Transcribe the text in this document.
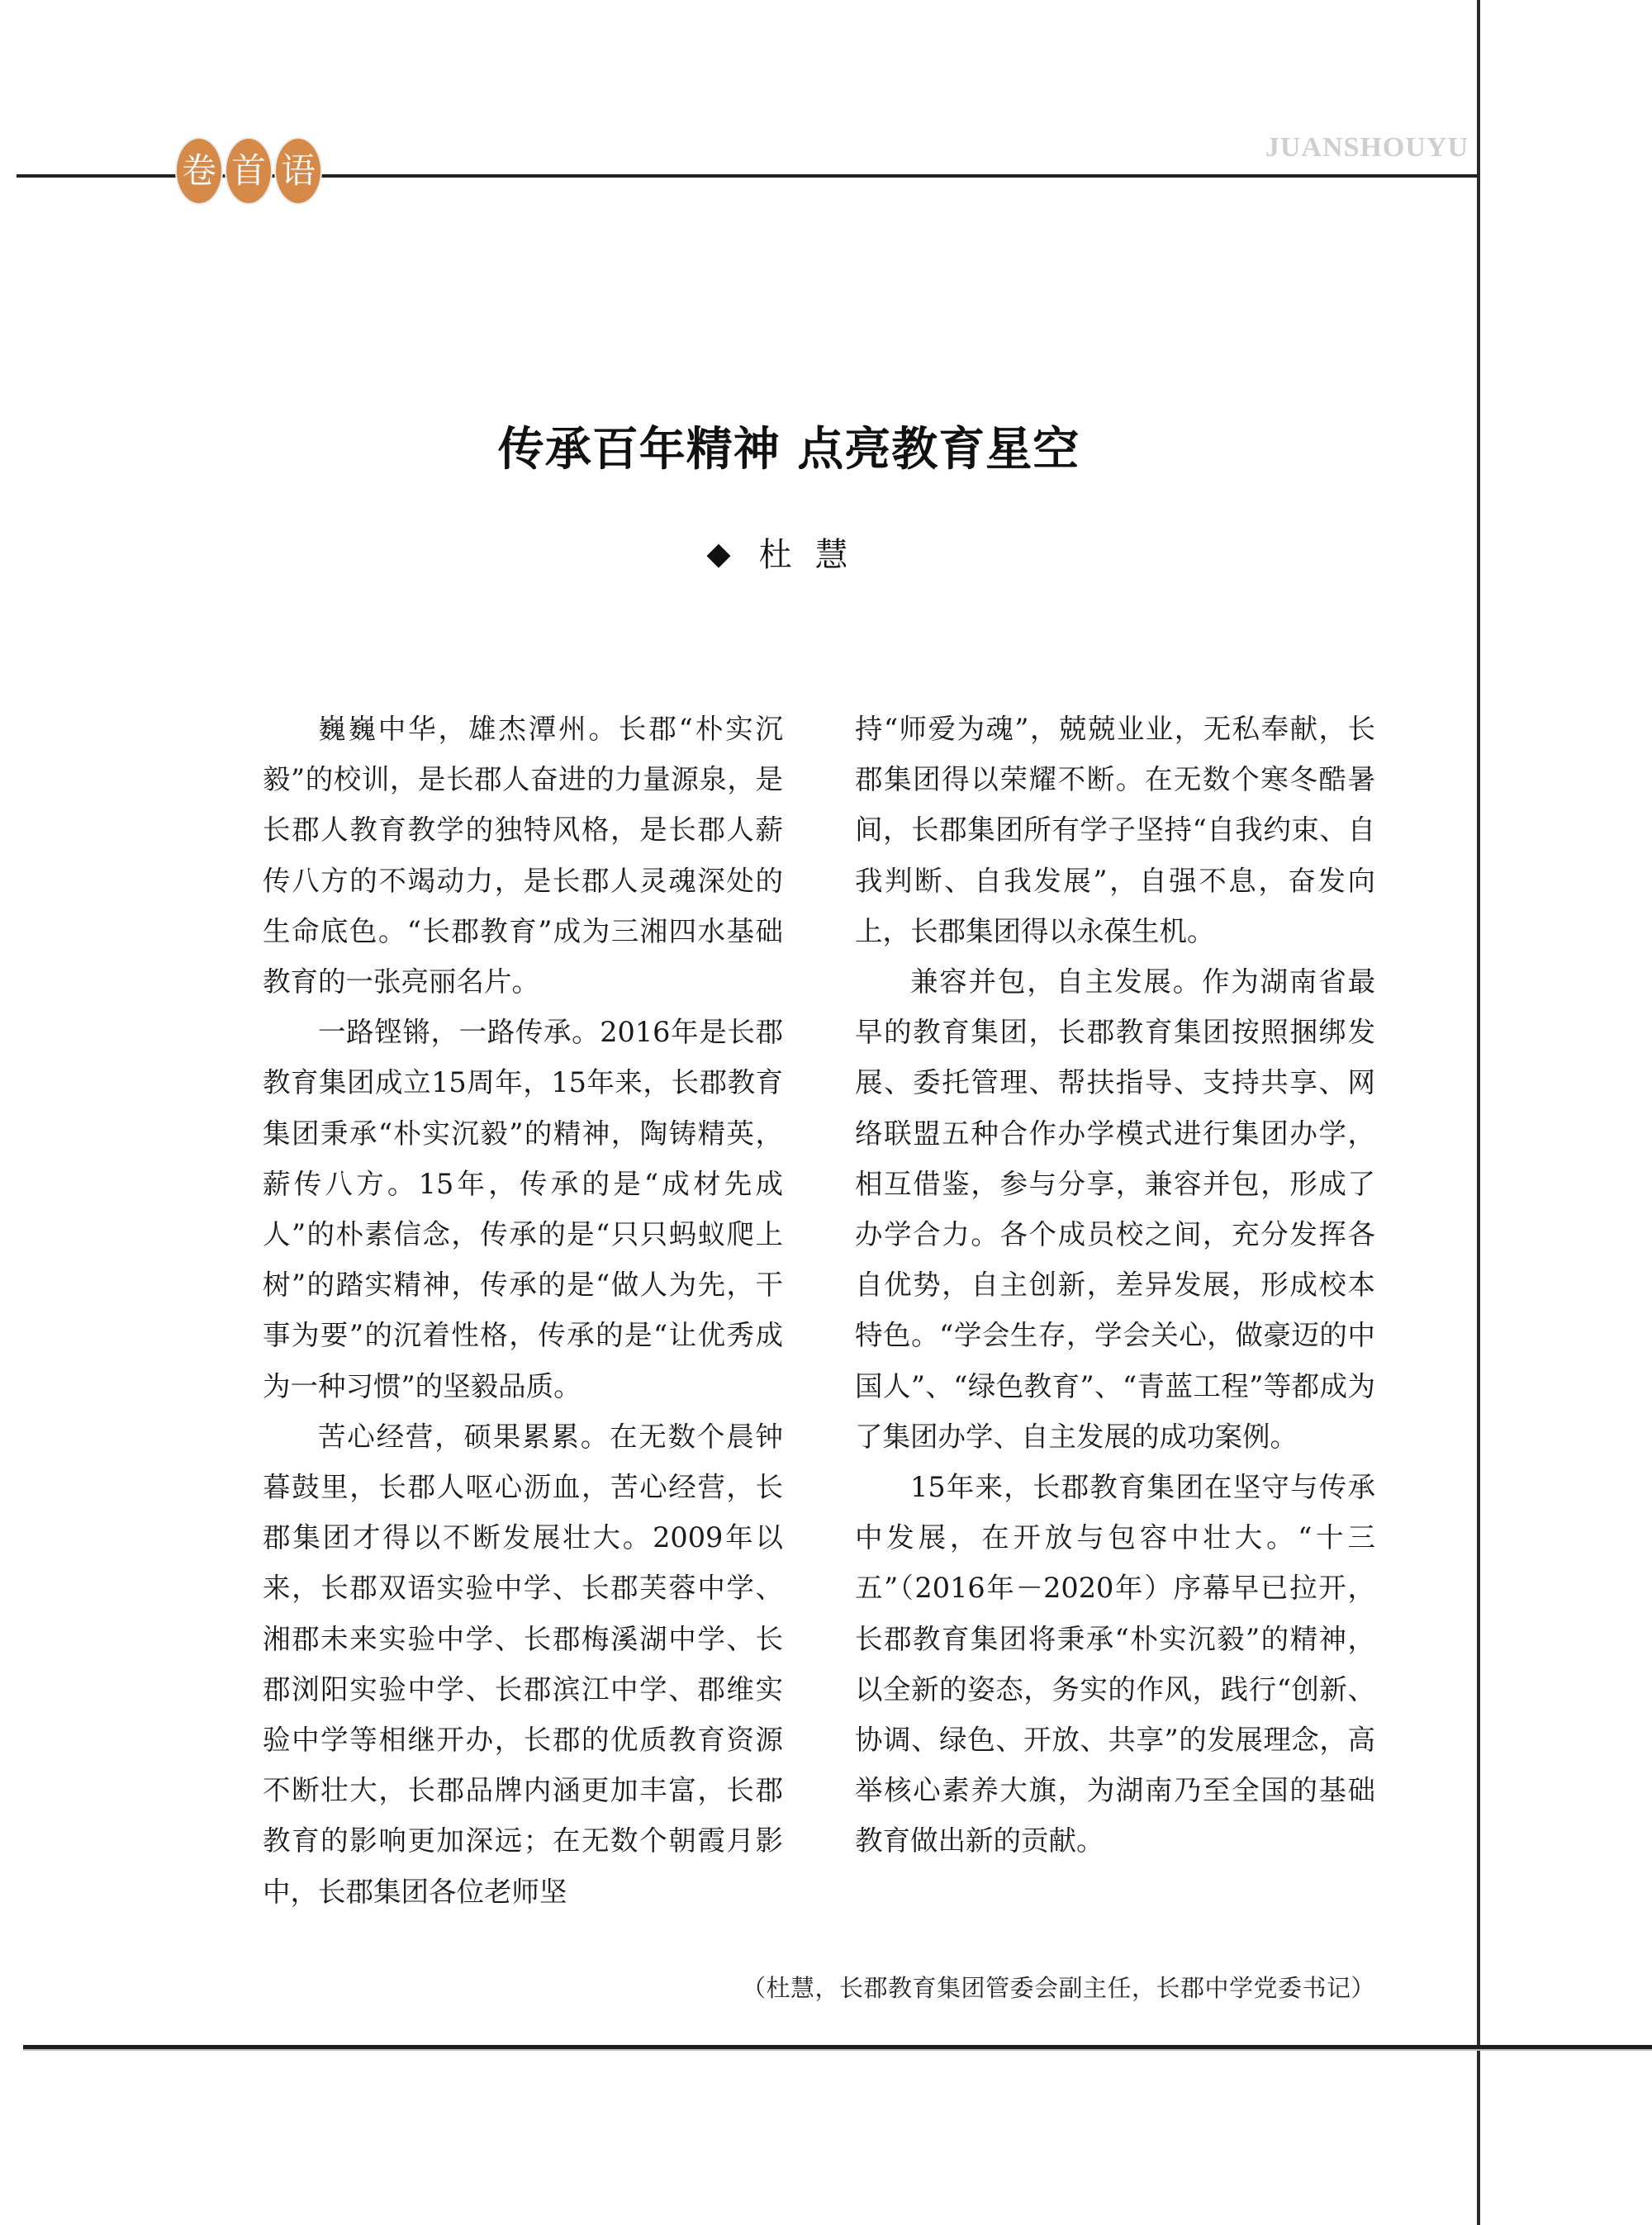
卷 首 语
JUANSHOUYU
传承百年精神 点亮教育星空
◆ 杜慧

巍巍中华，雄杰潭州。长郡“朴实沉毅”的校训，是长郡人奋进的力量源泉，是长郡人教育教学的独特风格，是长郡人薪传八方的不竭动力，是长郡人灵魂深处的生命底色。“长郡教育”成为三湘四水基础教育的一张亮丽名片。

一路铿锵，一路传承。2016年是长郡教育集团成立15周年，15年来，长郡教育集团秉承“朴实沉毅”的精神，陶铸精英，薪传八方。15年，传承的是“成材先成人”的朴素信念，传承的是“只只蚂蚁爬上树”的踏实精神，传承的是“做人为先，干事为要”的沉着性格，传承的是“让优秀成为一种习惯”的坚毅品质。

苦心经营，硕果累累。在无数个晨钟暮鼓里，长郡人呕心沥血，苦心经营，长郡集团才得以不断发展壮大。2009年以来，长郡双语实验中学、长郡芙蓉中学、湘郡未来实验中学、长郡梅溪湖中学、长郡浏阳实验中学、长郡滨江中学、郡维实验中学等相继开办，长郡的优质教育资源不断壮大，长郡品牌内涵更加丰富，长郡教育的影响更加深远；在无数个朝霞月影中，长郡集团各位老师坚

持“师爱为魂”，兢兢业业，无私奉献，长郡集团得以荣耀不断。在无数个寒冬酷暑间，长郡集团所有学子坚持“自我约束、自我判断、自我发展”，自强不息，奋发向上，长郡集团得以永葆生机。

兼容并包，自主发展。作为湖南省最早的教育集团，长郡教育集团按照捆绑发展、委托管理、帮扶指导、支持共享、网络联盟五种合作办学模式进行集团办学，相互借鉴，参与分享，兼容并包，形成了办学合力。各个成员校之间，充分发挥各自优势，自主创新，差异发展，形成校本特色。“学会生存，学会关心，做豪迈的中国人”、“绿色教育”、“青蓝工程”等都成为了集团办学、自主发展的成功案例。

15年来，长郡教育集团在坚守与传承中发展，在开放与包容中壮大。“十三五”（2016年－2020年）序幕早已拉开，长郡教育集团将秉承“朴实沉毅”的精神，以全新的姿态，务实的作风，践行“创新、协调、绿色、开放、共享”的发展理念，高举核心素养大旗，为湖南乃至全国的基础教育做出新的贡献。

（杜慧，长郡教育集团管委会副主任，长郡中学党委书记）
